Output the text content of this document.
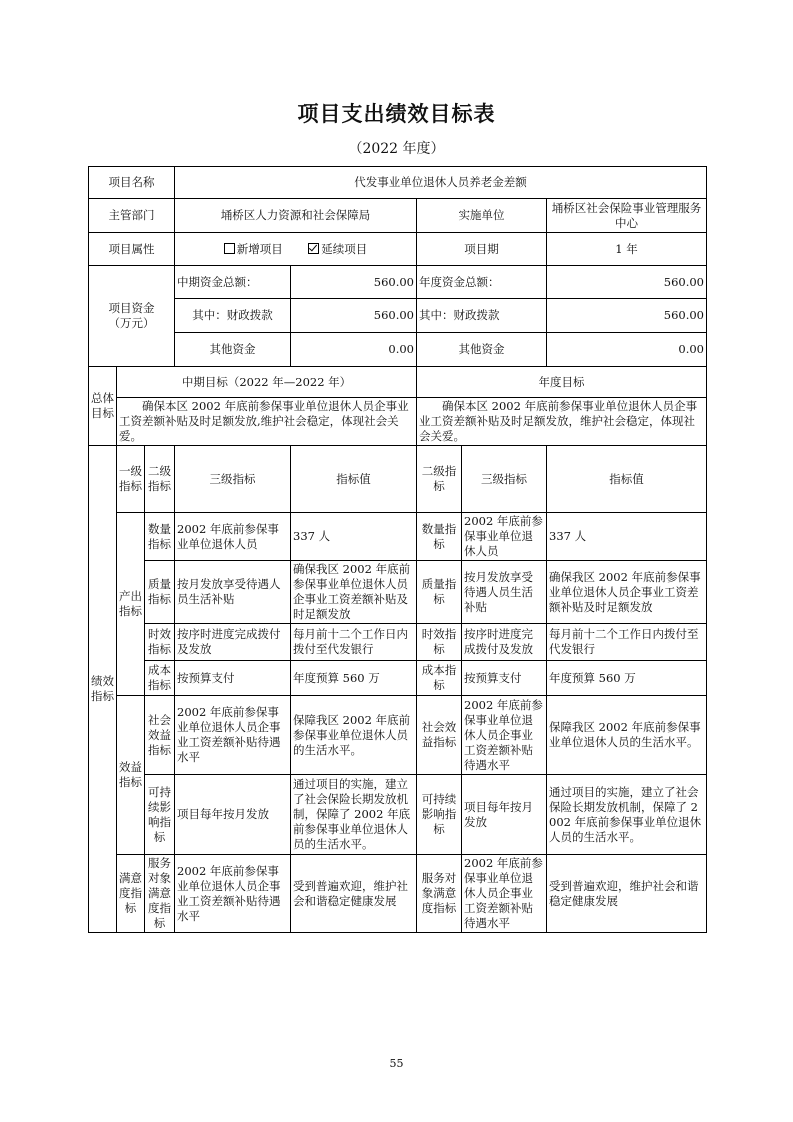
项目支出绩效目标表
（2022 年度）
项目名称			代发事业单位退休人员养老金差额				
主管部门			埇桥区人力资源和社会保障局		实施单位		埇桥区社会保险事业管理服务中心
项目属性			新增项目 延续项目		项目期		1 年

项目资金
（万元）			中期资金总额：	560.00	年度资金总额：		560.00
			其中：财政拨款	560.00	其中：财政拨款		560.00
			其他资金	0.00	其他资金		0.00
总体目标	中期目标（2022 年—2022 年）				年度目标		
	确保本区 2002 年底前参保事业单位退休人员企事业工资差额补贴及时足额发放,维护社会稳定，体现社会关爱。				确保本区 2002 年底前参保事业单位退休人员企事业工资差额补贴及时足额发放，维护社会稳定，体现社会关爱。		
绩效指标	一级指标	二级指标	三级指标	指标值	二级指标	三级指标	指标值
	产出指标	数量指标	2002 年底前参保事业单位退休人员	337 人	数量指标	2002 年底前参保事业单位退休人员	337 人
		质量指标	按月发放享受待遇人员生活补贴	确保我区 2002 年底前参保事业单位退休人员企事业工资差额补贴及时足额发放	质量指标	按月发放享受待遇人员生活补贴	确保我区 2002 年底前参保事业单位退休人员企事业工资差额补贴及时足额发放
		时效指标	按序时进度完成拨付及发放	每月前十二个工作日内拨付至代发银行	时效指标	按序时进度完成拨付及发放	每月前十二个工作日内拨付至代发银行
		成本指标	按预算支付	年度预算 560 万	成本指标	按预算支付	年度预算 560 万
	效益指标	社会效益指标	2002 年底前参保事业单位退休人员企事业工资差额补贴待遇水平	保障我区 2002 年底前参保事业单位退休人员的生活水平。	社会效益指标	2002 年底前参保事业单位退休人员企事业工资差额补贴待遇水平	保障我区 2002 年底前参保事业单位退休人员的生活水平。
		可持续影响指标	项目每年按月发放	通过项目的实施，建立了社会保险长期发放机制，保障了 2002 年底前参保事业单位退休人员的生活水平。	可持续影响指标	项目每年按月发放	通过项目的实施，建立了社会保险长期发放机制，保障了 2002 年底前参保事业单位退休人员的生活水平。
	满意度指标	服务对象满意度指标	2002 年底前参保事业单位退休人员企事业工资差额补贴待遇水平	受到普遍欢迎，维护社会和谐稳定健康发展	服务对象满意度指标	2002 年底前参保事业单位退休人员企事业工资差额补贴待遇水平	受到普遍欢迎，维护社会和谐稳定健康发展
55
